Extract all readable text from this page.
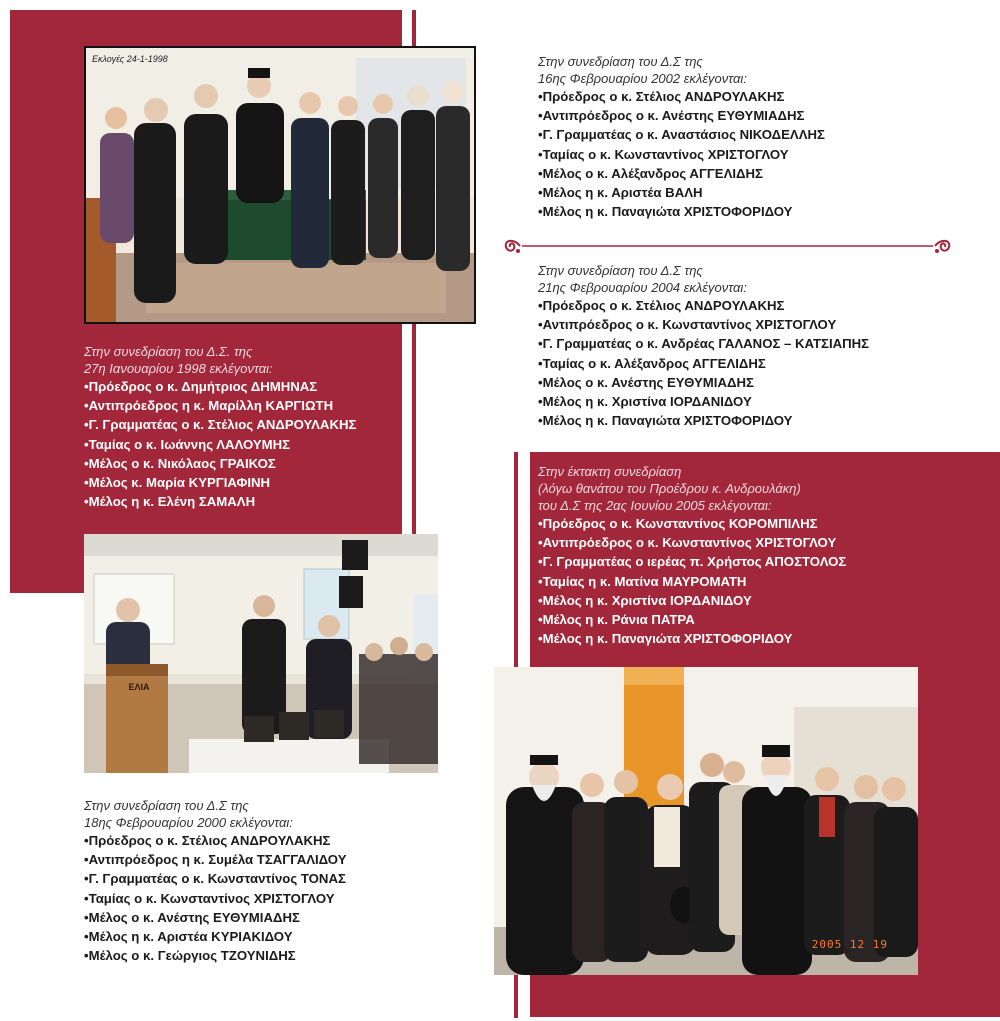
Εκλογές 24-1-1998
Στην συνεδρίαση του Δ.Σ. της
27η Ιανουαρίου 1998 εκλέγονται:
•Πρόεδρος ο κ. Δημήτριος ΔΗΜΗΝΑΣ
•Αντιπρόεδρος η κ. Μαρίλλη ΚΑΡΓΙΩΤΗ
•Γ. Γραμματέας ο κ. Στέλιος ΑΝΔΡΟΥΛΑΚΗΣ
•Ταμίας ο κ. Ιωάννης ΛΑΛΟΥΜΗΣ
•Μέλος ο κ. Νικόλαος ΓΡΑΙΚΟΣ
•Μέλος κ. Μαρία ΚΥΡΓΙΑΦΙΝΗ
•Μέλος η κ. Ελένη ΣΑΜΑΛΗ
ΕΛΙΑ
Στην συνεδρίαση του Δ.Σ της
18ης Φεβρουαρίου 2000 εκλέγονται:
•Πρόεδρος ο κ. Στέλιος ΑΝΔΡΟΥΛΑΚΗΣ
•Αντιπρόεδρος η κ. Συμέλα ΤΣΑΓΓΑΛΙΔΟΥ
•Γ. Γραμματέας ο κ. Κωνσταντίνος ΤΟΝΑΣ
•Ταμίας ο κ. Κωνσταντίνος ΧΡΙΣΤΟΓΛΟΥ
•Μέλος ο κ. Ανέστης ΕΥΘΥΜΙΑΔΗΣ
•Μέλος η κ. Αριστέα ΚΥΡΙΑΚΙΔΟΥ
•Μέλος ο κ. Γεώργιος ΤΖΟΥΝΙΔΗΣ
Στην συνεδρίαση του Δ.Σ της
16ης Φεβρουαρίου 2002 εκλέγονται:
•Πρόεδρος ο κ. Στέλιος ΑΝΔΡΟΥΛΑΚΗΣ
•Αντιπρόεδρος ο κ. Ανέστης ΕΥΘΥΜΙΑΔΗΣ
•Γ. Γραμματέας ο κ. Αναστάσιος ΝΙΚΟΔΕΛΛΗΣ
•Ταμίας ο κ. Κωνσταντίνος ΧΡΙΣΤΟΓΛΟΥ
•Μέλος ο κ. Αλέξανδρος ΑΓΓΕΛΙΔΗΣ
•Μέλος η κ. Αριστέα ΒΑΛΗ
•Μέλος η κ. Παναγιώτα ΧΡΙΣΤΟΦΟΡΙΔΟΥ
Στην συνεδρίαση του Δ.Σ της
21ης Φεβρουαρίου 2004 εκλέγονται:
•Πρόεδρος ο κ. Στέλιος ΑΝΔΡΟΥΛΑΚΗΣ
•Αντιπρόεδρος ο κ. Κωνσταντίνος ΧΡΙΣΤΟΓΛΟΥ
•Γ. Γραμματέας ο κ. Ανδρέας ΓΑΛΑΝΟΣ – ΚΑΤΣΙΑΠΗΣ
•Ταμίας ο κ. Αλέξανδρος ΑΓΓΕΛΙΔΗΣ
•Μέλος ο κ. Ανέστης ΕΥΘΥΜΙΑΔΗΣ
•Μέλος η κ. Χριστίνα ΙΟΡΔΑΝΙΔΟΥ
•Μέλος η κ. Παναγιώτα ΧΡΙΣΤΟΦΟΡΙΔΟΥ
Στην έκτακτη συνεδρίαση
(λόγω θανάτου του Προέδρου κ. Ανδρουλάκη)
του Δ.Σ της 2ας Ιουνίου 2005 εκλέγονται:
•Πρόεδρος ο κ. Κωνσταντίνος ΚΟΡΟΜΠΙΛΗΣ
•Αντιπρόεδρος ο κ. Κωνσταντίνος ΧΡΙΣΤΟΓΛΟΥ
•Γ. Γραμματέας ο ιερέας π. Χρήστος ΑΠΟΣΤΟΛΟΣ
•Ταμίας η κ. Ματίνα ΜΑΥΡΟΜΑΤΗ
•Μέλος η κ. Χριστίνα ΙΟΡΔΑΝΙΔΟΥ
•Μέλος η κ. Ράνια ΠΑΤΡΑ
•Μέλος η κ. Παναγιώτα ΧΡΙΣΤΟΦΟΡΙΔΟΥ
2005 12 19
